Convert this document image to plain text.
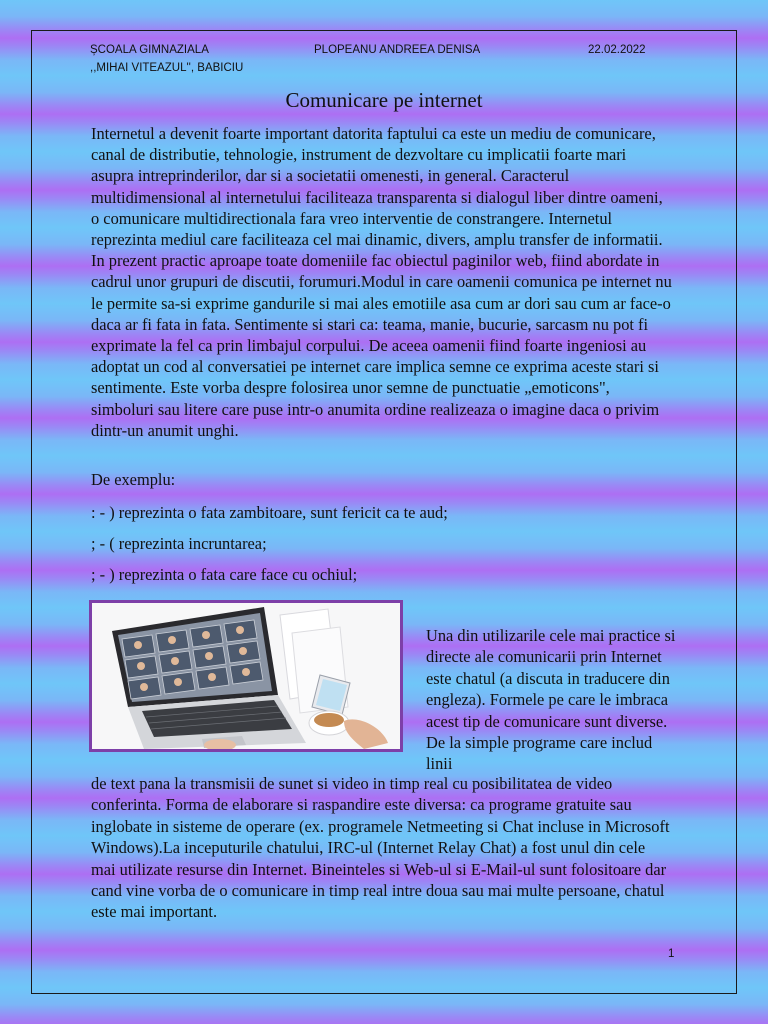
ȘCOALA GIMNAZIALA
,,MIHAI VITEAZUL'', BABICIU
PLOPEANU ANDREEA DENISA	22.02.2022
Comunicare pe internet

Internetul a devenit foarte important datorita faptului ca este un mediu de comunicare, canal de distributie, tehnologie, instrument de dezvoltare cu implicatii foarte mari asupra intreprinderilor, dar si a societatii omenesti, in general. Caracterul multidimensional al internetului faciliteaza transparenta si dialogul liber dintre oameni, o comunicare multidirectionala fara vreo interventie de constrangere. Internetul reprezinta mediul care faciliteaza cel mai dinamic, divers, amplu transfer de informatii. In prezent practic aproape toate domeniile fac obiectul paginilor web, fiind abordate in cadrul unor grupuri de discutii, forumuri.Modul in care oamenii comunica pe internet nu le permite sa-si exprime gandurile si mai ales emotiile asa cum ar dori sau cum ar face-o daca ar fi fata in fata. Sentimente si stari ca: teama, manie, bucurie, sarcasm nu pot fi exprimate la fel ca prin limbajul corpului. De aceea oamenii fiind foarte ingeniosi au adoptat un cod al conversatiei pe internet care implica semne ce exprima aceste stari si sentimente. Este vorba despre folosirea unor semne de punctuatie „emoticons", simboluri sau litere care puse intr-o anumita ordine realizeaza o imagine daca o privim dintr-un anumit unghi.

De exemplu:

: - ) reprezinta o fata zambitoare, sunt fericit ca te aud;

; - ( reprezinta incruntarea;

; - ) reprezinta o fata care face cu ochiul;

Una din utilizarile cele mai practice si directe ale comunicarii prin Internet este chatul (a discuta in traducere din engleza). Formele pe care le imbraca acest tip de comunicare sunt diverse. De la simple programe care includ linii

de text pana la transmisii de sunet si video in timp real cu posibilitatea de video conferinta. Forma de elaborare si raspandire este diversa: ca programe gratuite sau inglobate in sisteme de operare (ex. programele Netmeeting si Chat incluse in Microsoft Windows).La inceputurile chatului, IRC-ul (Internet Relay Chat) a fost unul din cele mai utilizate resurse din Internet. Bineinteles si Web-ul si E-Mail-ul sunt folositoare dar cand vine vorba de o comunicare in timp real intre doua sau mai multe persoane, chatul este mai important.

1
